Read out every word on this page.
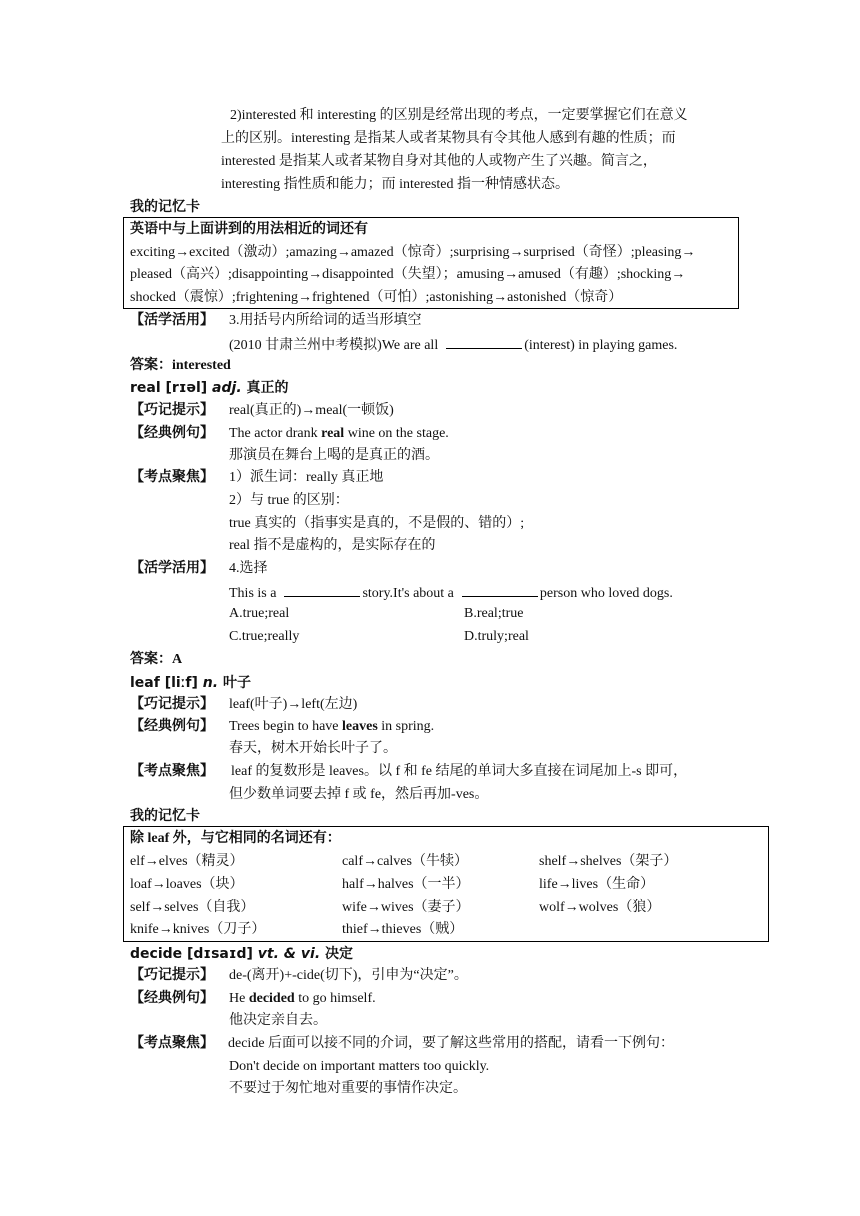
2)interested 和 interesting 的区别是经常出现的考点，一定要掌握它们在意义
上的区别。interesting 是指某人或者某物具有令其他人感到有趣的性质；而
interested 是指某人或者某物自身对其他的人或物产生了兴趣。简言之，
interesting 指性质和能力；而 interested 指一种情感状态。
我的记忆卡
英语中与上面讲到的用法相近的词还有
exciting→excited（激动）;amazing→amazed（惊奇）;surprising→surprised（奇怪）;pleasing→
pleased（高兴）;disappointing→disappointed（失望）；amusing→amused（有趣）;shocking→
shocked（震惊）;frightening→frightened（可怕）;astonishing→astonished（惊奇）
【活学活用】 3.用括号内所给词的适当形填空
(2010 甘肃兰州中考模拟)We are all	(interest) in playing games.
答案：interested
real [rɪəl] adj. 真正的
【巧记提示】 real(真正的)→meal(一顿饭)
【经典例句】 The actor drank real wine on the stage.
那演员在舞台上喝的是真正的酒。
【考点聚焦】 1）派生词：really 真正地
2）与 true 的区别：
true 真实的（指事实是真的，不是假的、错的）;
real 指不是虚构的，是实际存在的
【活学活用】 4.选择
This is a	story.It's about a	person who loved dogs.
A.true;real	B.real;true
C.true;really	D.truly;real
答案：A
leaf [liːf] n. 叶子
【巧记提示】 leaf(叶子)→left(左边)
【经典例句】 Trees begin to have leaves in spring.
春天，树木开始长叶子了。
【考点聚焦】 leaf 的复数形是 leaves。以 f 和 fe 结尾的单词大多直接在词尾加上-s 即可，
但少数单词要去掉 f 或 fe，然后再加-ves。
我的记忆卡
除 leaf 外，与它相同的名词还有：
elf→elves（精灵）	calf→calves（牛犊）	shelf→shelves（架子）
loaf→loaves（块）	half→halves（一半）	life→lives（生命）
self→selves（自我）	wife→wives（妻子）	wolf→wolves（狼）
knife→knives（刀子）	thief→thieves（贼）
decide [dɪsaɪd] vt. & vi. 决定
【巧记提示】 de-(离开)+-cide(切下)，引申为“决定”。
【经典例句】 He decided to go himself.
他决定亲自去。
【考点聚焦】 decide 后面可以接不同的介词，要了解这些常用的搭配，请看一下例句：
Don't decide on important matters too quickly.
不要过于匆忙地对重要的事情作决定。
